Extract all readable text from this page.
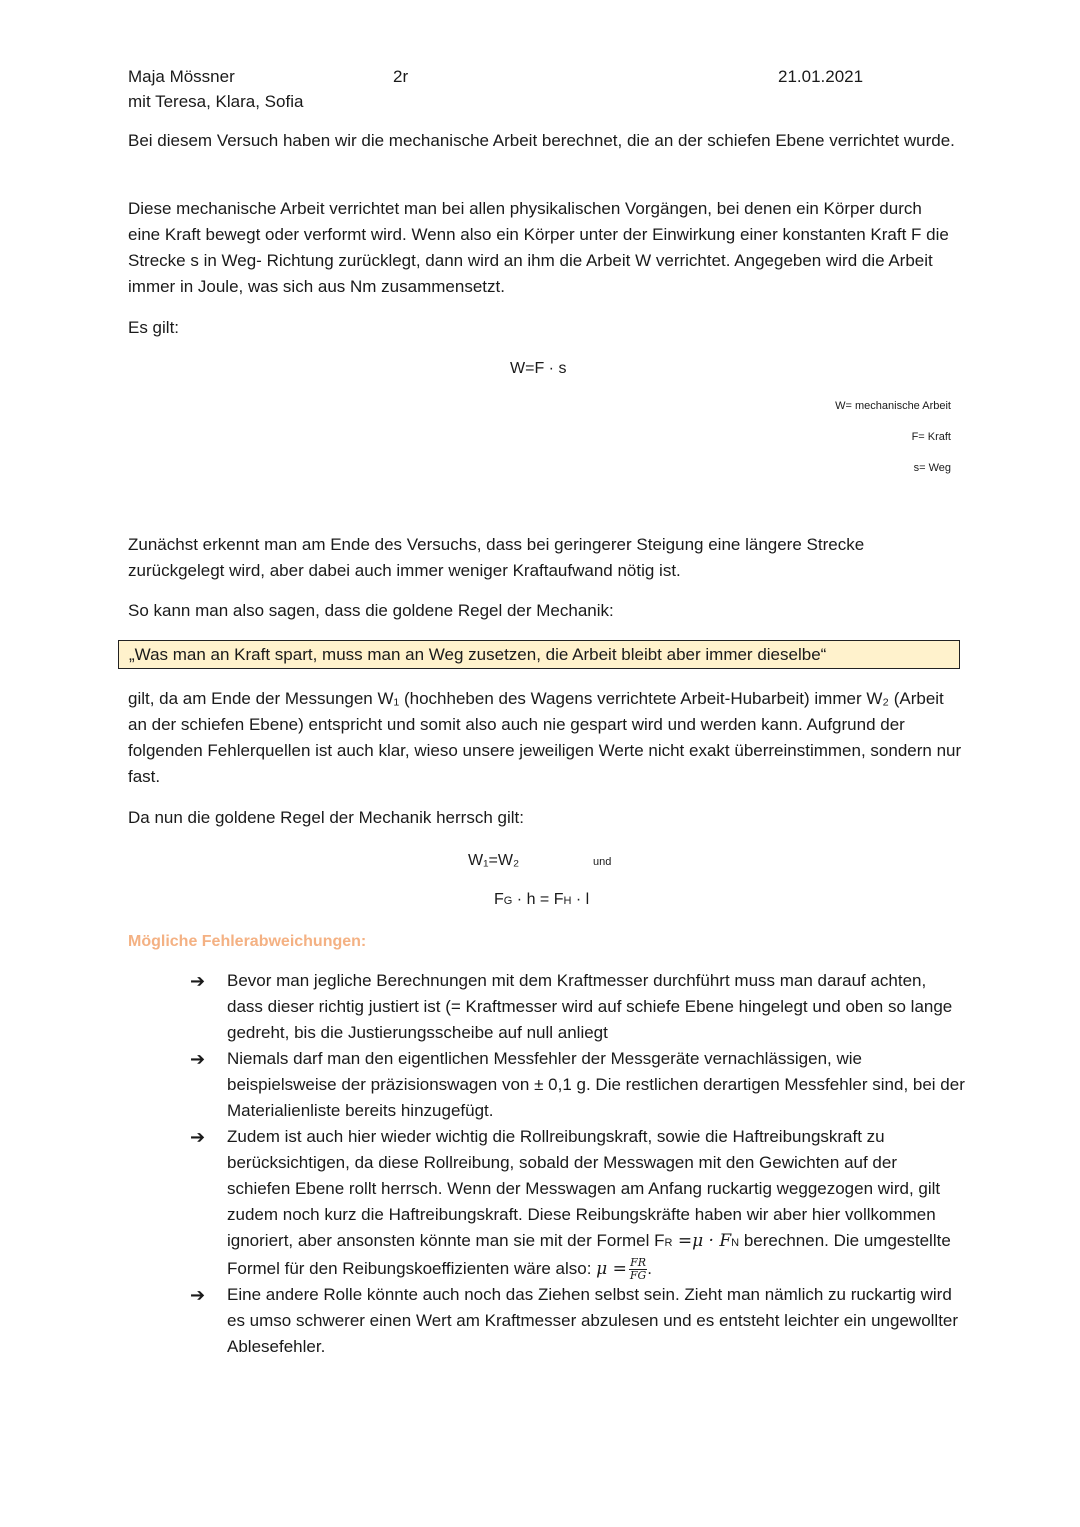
Maja Mössner	2r	21.01.2021
mit Teresa, Klara, Sofia

Bei diesem Versuch haben wir die mechanische Arbeit berechnet, die an der schiefen Ebene verrichtet wurde.

Diese mechanische Arbeit verrichtet man bei allen physikalischen Vorgängen, bei denen ein Körper durch eine Kraft bewegt oder verformt wird. Wenn also ein Körper unter der Einwirkung einer konstanten Kraft F die Strecke s in Weg- Richtung zurücklegt, dann wird an ihm die Arbeit W verrichtet. Angegeben wird die Arbeit immer in Joule, was sich aus Nm zusammensetzt.

Es gilt:

W=F · s
W= mechanische Arbeit
F= Kraft
s= Weg

Zunächst erkennt man am Ende des Versuchs, dass bei geringerer Steigung eine längere Strecke zurückgelegt wird, aber dabei auch immer weniger Kraftaufwand nötig ist.

So kann man also sagen, dass die goldene Regel der Mechanik:

„Was man an Kraft spart, muss man an Weg zusetzen, die Arbeit bleibt aber immer dieselbe“

gilt, da am Ende der Messungen W₁ (hochheben des Wagens verrichtete Arbeit-Hubarbeit) immer W₂ (Arbeit an der schiefen Ebene) entspricht und somit also auch nie gespart wird und werden kann. Aufgrund der folgenden Fehlerquellen ist auch klar, wieso unsere jeweiligen Werte nicht exakt überreinstimmen, sondern nur fast.

Da nun die goldene Regel der Mechanik herrsch gilt:

W₁=W₂	und
FG · h = FH · l
Mögliche Fehlerabweichungen:
➔ Bevor man jegliche Berechnungen mit dem Kraftmesser durchführt muss man darauf achten, dass dieser richtig justiert ist (= Kraftmesser wird auf schiefe Ebene hingelegt und oben so lange gedreht, bis die Justierungsscheibe auf null anliegt
➔ Niemals darf man den eigentlichen Messfehler der Messgeräte vernachlässigen, wie beispielsweise der präzisionswagen von ± 0,1 g. Die restlichen derartigen Messfehler sind, bei der Materialienliste bereits hinzugefügt.
➔ Zudem ist auch hier wieder wichtig die Rollreibungskraft, sowie die Haftreibungskraft zu berücksichtigen, da diese Rollreibung, sobald der Messwagen mit den Gewichten auf der schiefen Ebene rollt herrsch. Wenn der Messwagen am Anfang ruckartig weggezogen wird, gilt zudem noch kurz die Haftreibungskraft. Diese Reibungskräfte haben wir aber hier vollkommen ignoriert, aber ansonsten könnte man sie mit der Formel FR =μ · FN berechnen. Die umgestellte Formel für den Reibungskoeffizienten wäre also: $\mu = \frac{FR}{FG}$ .
➔ Eine andere Rolle könnte auch noch das Ziehen selbst sein. Zieht man nämlich zu ruckartig wird es umso schwerer einen Wert am Kraftmesser abzulesen und es entsteht leichter ein ungewollter Ablesefehler.
